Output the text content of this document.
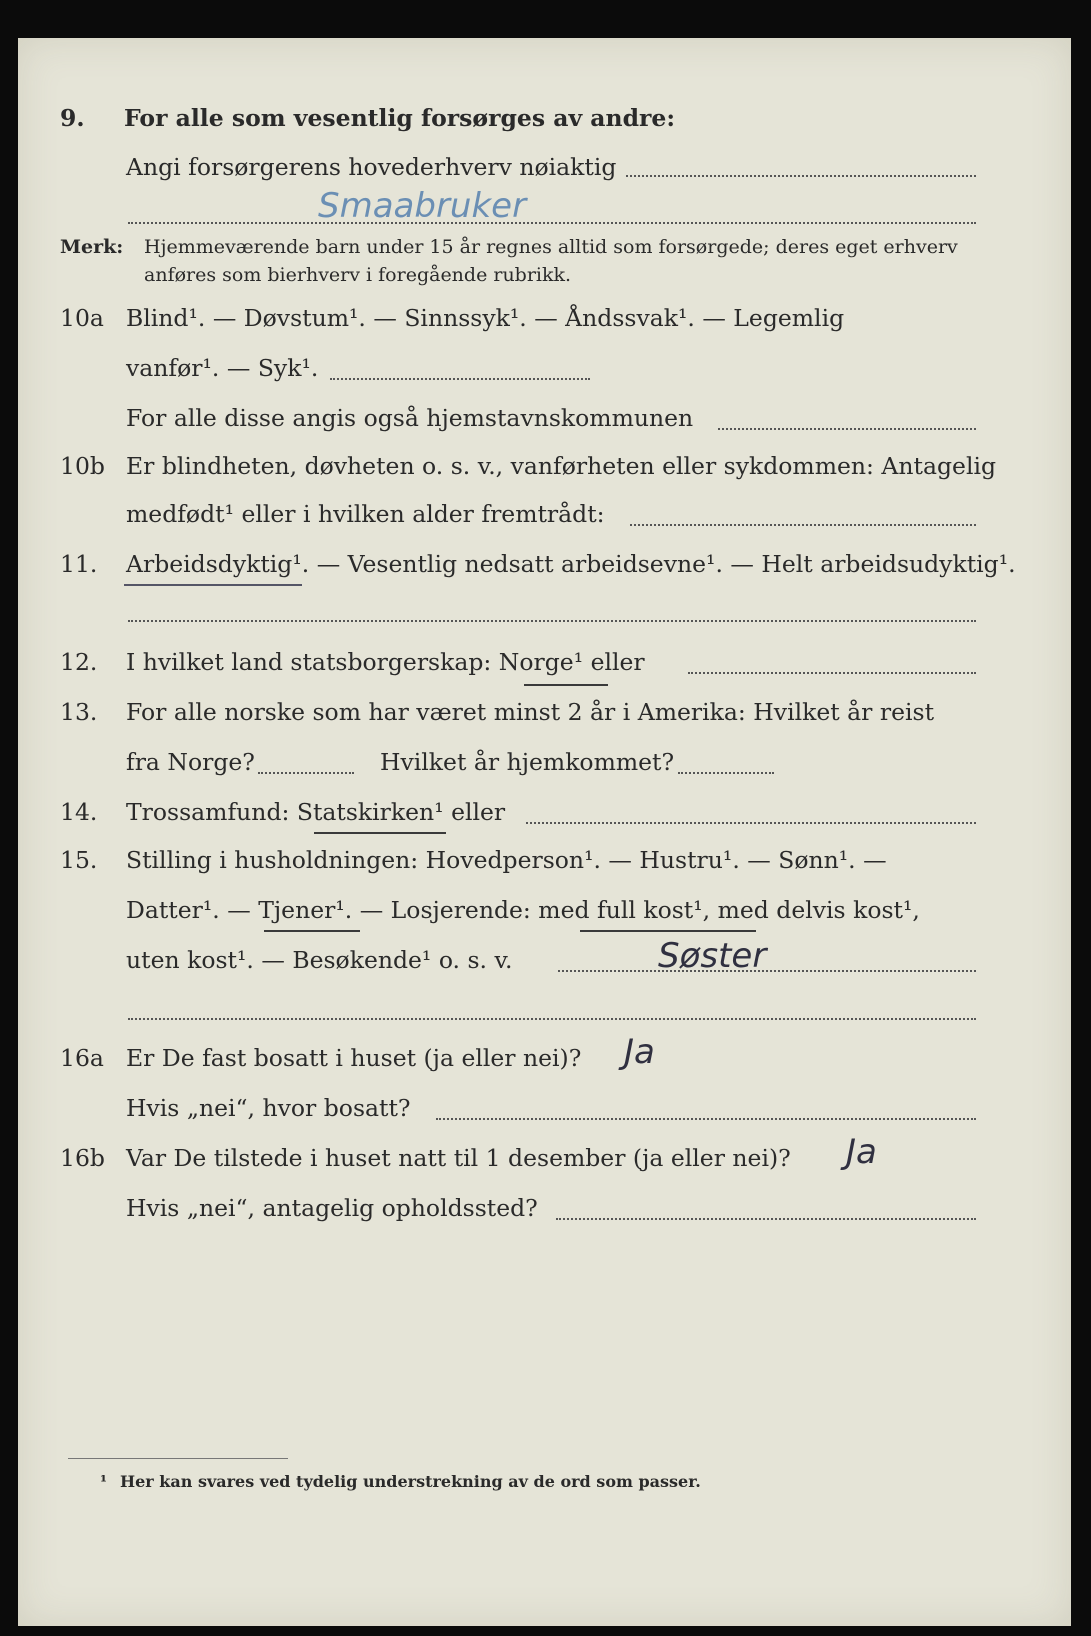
9. For alle som vesentlig forsørges av andre:
Angi forsørgerens hovederhverv nøiaktig
Smaabruker
Merk: Hjemmeværende barn under 15 år regnes alltid som forsørgede; deres eget erhverv
anføres som bierhverv i foregående rubrikk.
10a Blind¹. — Døvstum¹. — Sinnssyk¹. — Åndssvak¹. — Legemlig
vanfør¹. — Syk¹.
For alle disse angis også hjemstavnskommunen
10b Er blindheten, døvheten o. s. v., vanførheten eller sykdommen: Antagelig
medfødt¹ eller i hvilken alder fremtrådt:
11. Arbeidsdyktig¹. — Vesentlig nedsatt arbeidsevne¹. — Helt arbeidsudyktig¹.
12. I hvilket land statsborgerskap: Norge¹ eller
13. For alle norske som har været minst 2 år i Amerika: Hvilket år reist
fra Norge?	Hvilket år hjemkommet?
14. Trossamfund: Statskirken¹ eller
15. Stilling i husholdningen: Hovedperson¹. — Hustru¹. — Sønn¹. —
Datter¹. — Tjener¹. — Losjerende: med full kost¹, med delvis kost¹,
uten kost¹. — Besøkende¹ o. s. v.	Søster
16a Er De fast bosatt i huset (ja eller nei)? Ja
Hvis „nei“, hvor bosatt?
16b Var De tilstede i huset natt til 1 desember (ja eller nei)? Ja
Hvis „nei“, antagelig opholdssted?
¹ Her kan svares ved tydelig understrekning av de ord som passer.
